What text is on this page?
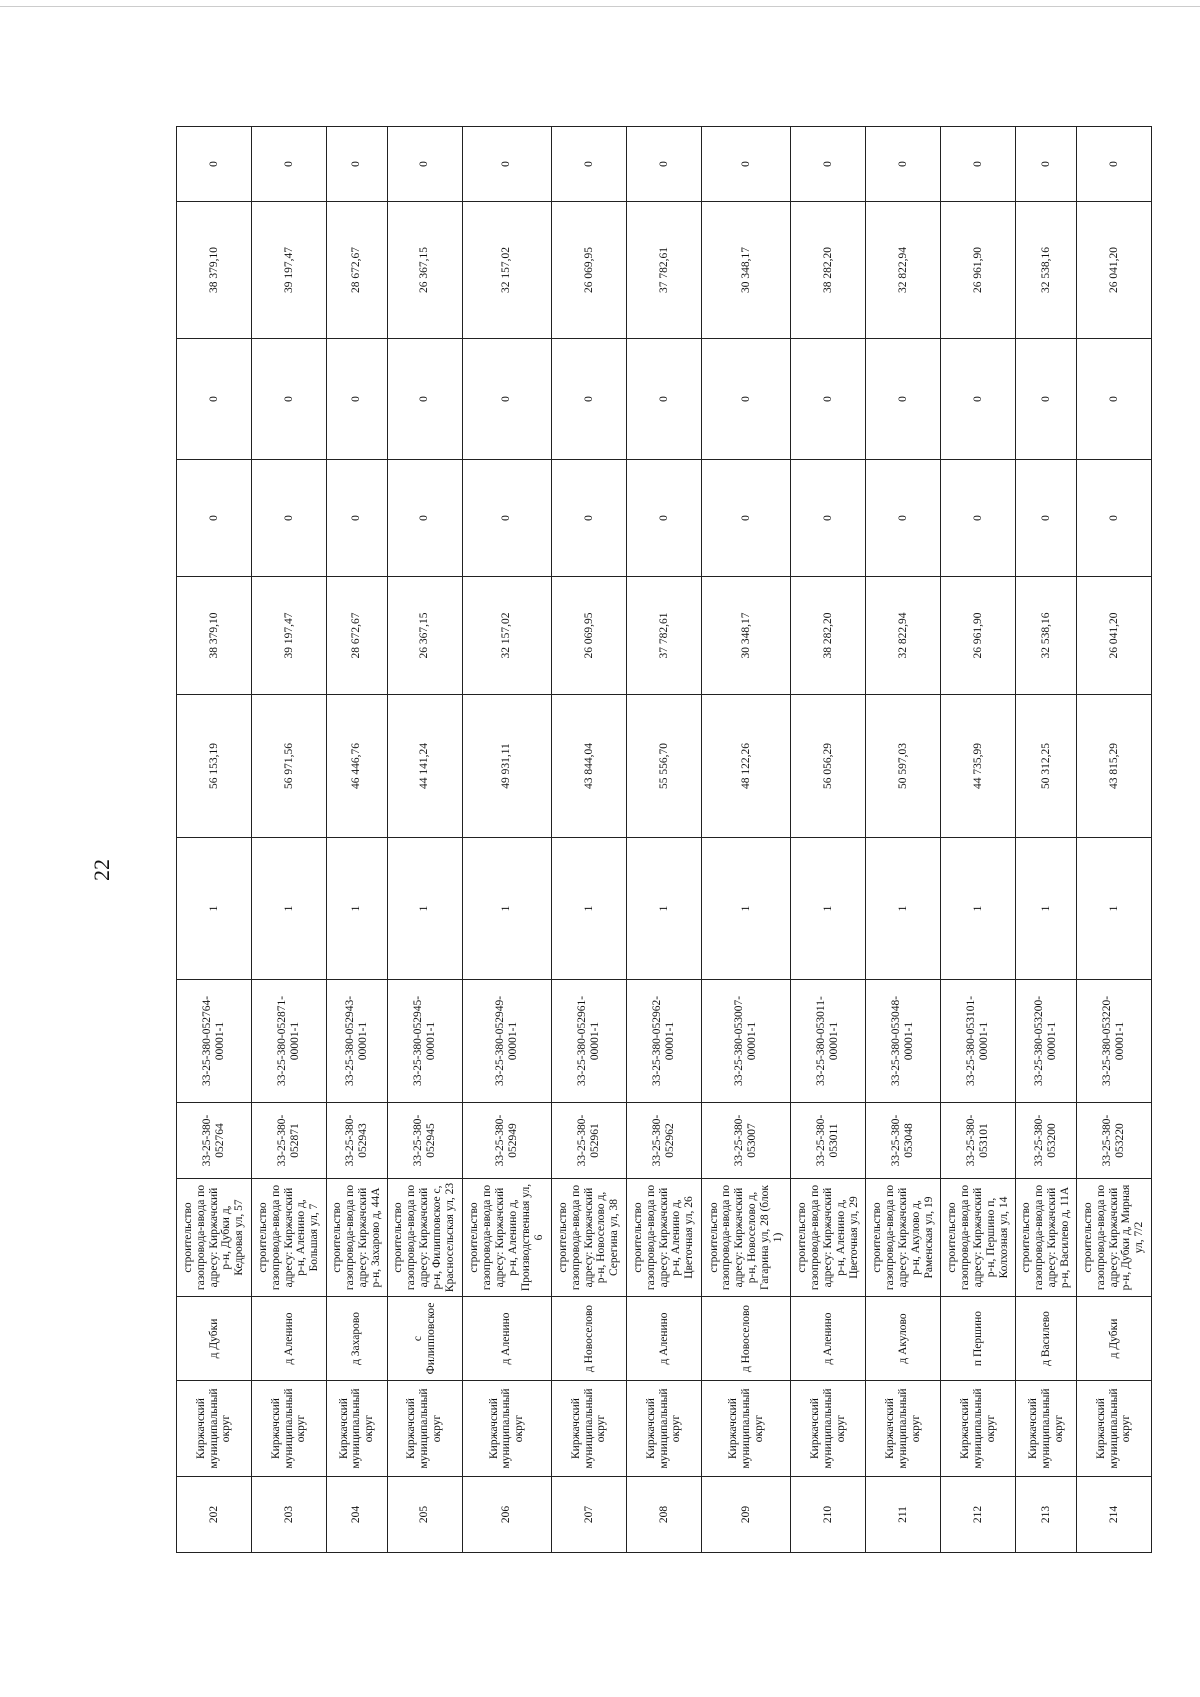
22
202	Киржачский муниципальный округ	д Дубки	строительство газопровода-ввода по адресу: Киржачский р-н, Дубки д, Кедровая ул, 57	33-25-380-052764	33-25-380-052764-00001-1	1	56 153,19	38 379,10	0	0	38 379,10	0
203	Киржачский муниципальный округ	д Аленино	строительство газопровода-ввода по адресу: Киржачский р-н, Аленино д, Большая ул, 7	33-25-380-052871	33-25-380-052871-00001-1	1	56 971,56	39 197,47	0	0	39 197,47	0
204	Киржачский муниципальный округ	д Захарово	строительство газопровода-ввода по адресу: Киржачский р-н, Захарово д, 44А	33-25-380-052943	33-25-380-052943-00001-1	1	46 446,76	28 672,67	0	0	28 672,67	0
205	Киржачский муниципальный округ	с Филипповское	строительство газопровода-ввода по адресу: Киржачский р-н, Филипповское с, Красносельская ул, 23	33-25-380-052945	33-25-380-052945-00001-1	1	44 141,24	26 367,15	0	0	26 367,15	0
206	Киржачский муниципальный округ	д Аленино	строительство газопровода-ввода по адресу: Киржачский р-н, Аленино д, Производственная ул, 6	33-25-380-052949	33-25-380-052949-00001-1	1	49 931,11	32 157,02	0	0	32 157,02	0
207	Киржачский муниципальный округ	д Новоселово	строительство газопровода-ввода по адресу: Киржачский р-н, Новоселово д, Серегина ул, 38	33-25-380-052961	33-25-380-052961-00001-1	1	43 844,04	26 069,95	0	0	26 069,95	0
208	Киржачский муниципальный округ	д Аленино	строительство газопровода-ввода по адресу: Киржачский р-н, Аленино д, Цветочная ул, 26	33-25-380-052962	33-25-380-052962-00001-1	1	55 556,70	37 782,61	0	0	37 782,61	0
209	Киржачский муниципальный округ	д Новоселово	строительство газопровода-ввода по адресу: Киржачский р-н, Новоселово д, Гагарина ул, 28 (блок 1)	33-25-380-053007	33-25-380-053007-00001-1	1	48 122,26	30 348,17	0	0	30 348,17	0
210	Киржачский муниципальный округ	д Аленино	строительство газопровода-ввода по адресу: Киржачский р-н, Аленино д, Цветочная ул, 29	33-25-380-053011	33-25-380-053011-00001-1	1	56 056,29	38 282,20	0	0	38 282,20	0
211	Киржачский муниципальный округ	д Акулово	строительство газопровода-ввода по адресу: Киржачский р-н, Акулово д, Раменская ул, 19	33-25-380-053048	33-25-380-053048-00001-1	1	50 597,03	32 822,94	0	0	32 822,94	0
212	Киржачский муниципальный округ	п Першино	строительство газопровода-ввода по адресу: Киржачский р-н, Першино п, Колхозная ул, 14	33-25-380-053101	33-25-380-053101-00001-1	1	44 735,99	26 961,90	0	0	26 961,90	0
213	Киржачский муниципальный округ	д Василево	строительство газопровода-ввода по адресу: Киржачский р-н, Василево д, 11А	33-25-380-053200	33-25-380-053200-00001-1	1	50 312,25	32 538,16	0	0	32 538,16	0
214	Киржачский муниципальный округ	д Дубки	строительство газопровода-ввода по адресу: Киржачский р-н, Дубки д, Мирная ул, 7/2	33-25-380-053220	33-25-380-053220-00001-1	1	43 815,29	26 041,20	0	0	26 041,20	0
